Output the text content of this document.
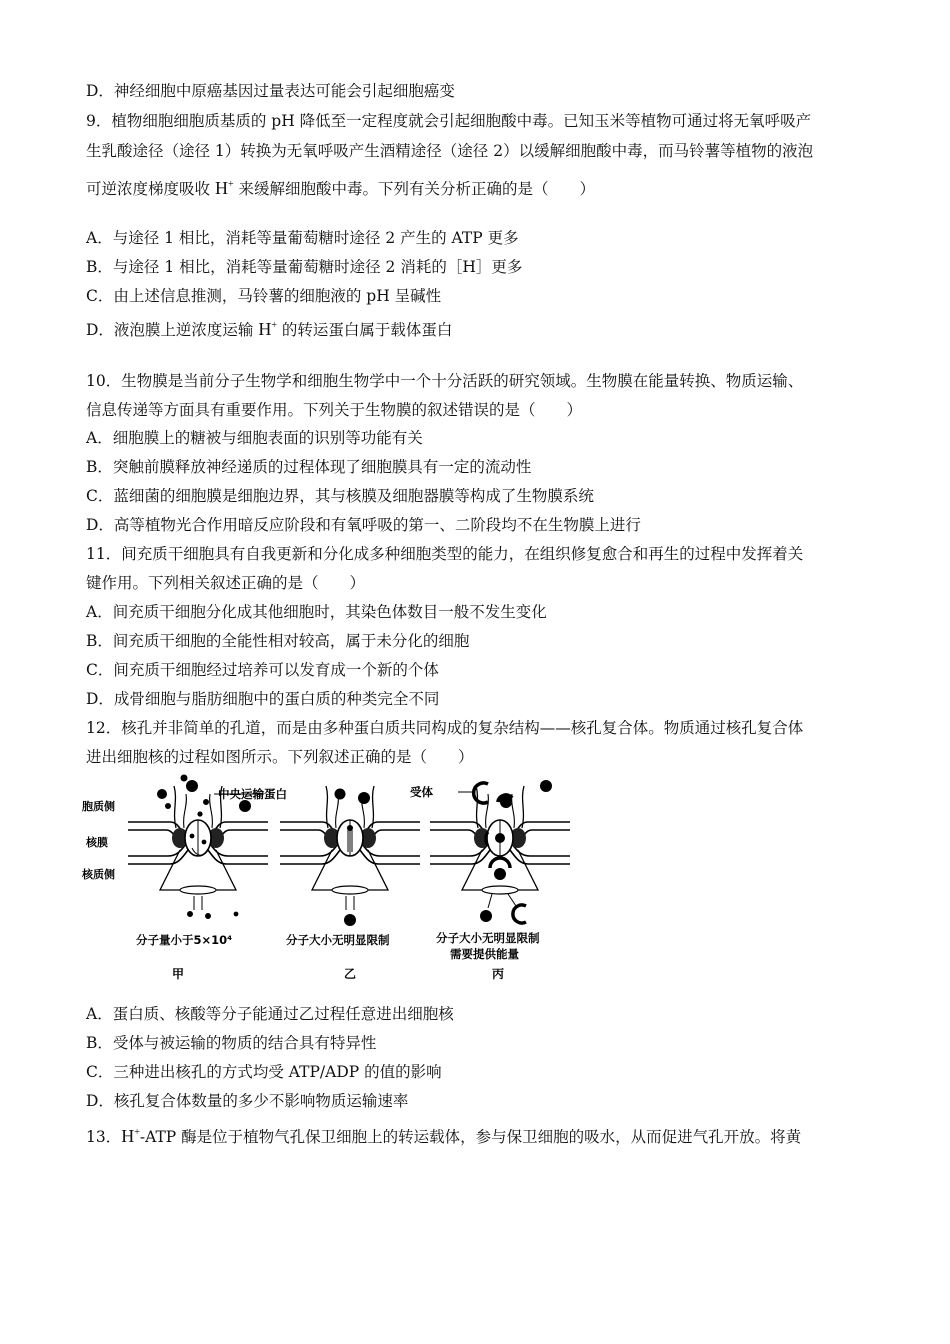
D．神经细胞中原癌基因过量表达可能会引起细胞癌变
9．植物细胞细胞质基质的 pH 降低至一定程度就会引起细胞酸中毒。已知玉米等植物可通过将无氧呼吸产
生乳酸途径（途径 1）转换为无氧呼吸产生酒精途径（途径 2）以缓解细胞酸中毒，而马铃薯等植物的液泡
可逆浓度梯度吸收 H+ 来缓解细胞酸中毒。下列有关分析正确的是（　　）
A．与途径 1 相比，消耗等量葡萄糖时途径 2 产生的 ATP 更多
B．与途径 1 相比，消耗等量葡萄糖时途径 2 消耗的［H］更多
C．由上述信息推测，马铃薯的细胞液的 pH 呈碱性
D．液泡膜上逆浓度运输 H+ 的转运蛋白属于载体蛋白
10．生物膜是当前分子生物学和细胞生物学中一个十分活跃的研究领域。生物膜在能量转换、物质运输、
信息传递等方面具有重要作用。下列关于生物膜的叙述错误的是（　　）
A．细胞膜上的糖被与细胞表面的识别等功能有关
B．突触前膜释放神经递质的过程体现了细胞膜具有一定的流动性
C．蓝细菌的细胞膜是细胞边界，其与核膜及细胞器膜等构成了生物膜系统
D．高等植物光合作用暗反应阶段和有氧呼吸的第一、二阶段均不在生物膜上进行
11．间充质干细胞具有自我更新和分化成多种细胞类型的能力，在组织修复愈合和再生的过程中发挥着关
键作用。下列相关叙述正确的是（　　）
A．间充质干细胞分化成其他细胞时，其染色体数目一般不发生变化
B．间充质干细胞的全能性相对较高，属于未分化的细胞
C．间充质干细胞经过培养可以发育成一个新的个体
D．成骨细胞与脂肪细胞中的蛋白质的种类完全不同
12．核孔并非简单的孔道，而是由多种蛋白质共同构成的复杂结构——核孔复合体。物质通过核孔复合体
进出细胞核的过程如图所示。下列叙述正确的是（　　）
胞质侧
核膜
核质侧
中央运输蛋白	受体
分子量小于5×10⁴	分子大小无明显限制	分子大小无明显限制
需要提供能量
甲	乙	丙
A．蛋白质、核酸等分子能通过乙过程任意进出细胞核
B．受体与被运输的物质的结合具有特异性
C．三种进出核孔的方式均受 ATP/ADP 的值的影响
D．核孔复合体数量的多少不影响物质运输速率
13．H+-ATP 酶是位于植物气孔保卫细胞上的转运载体，参与保卫细胞的吸水，从而促进气孔开放。将黄
